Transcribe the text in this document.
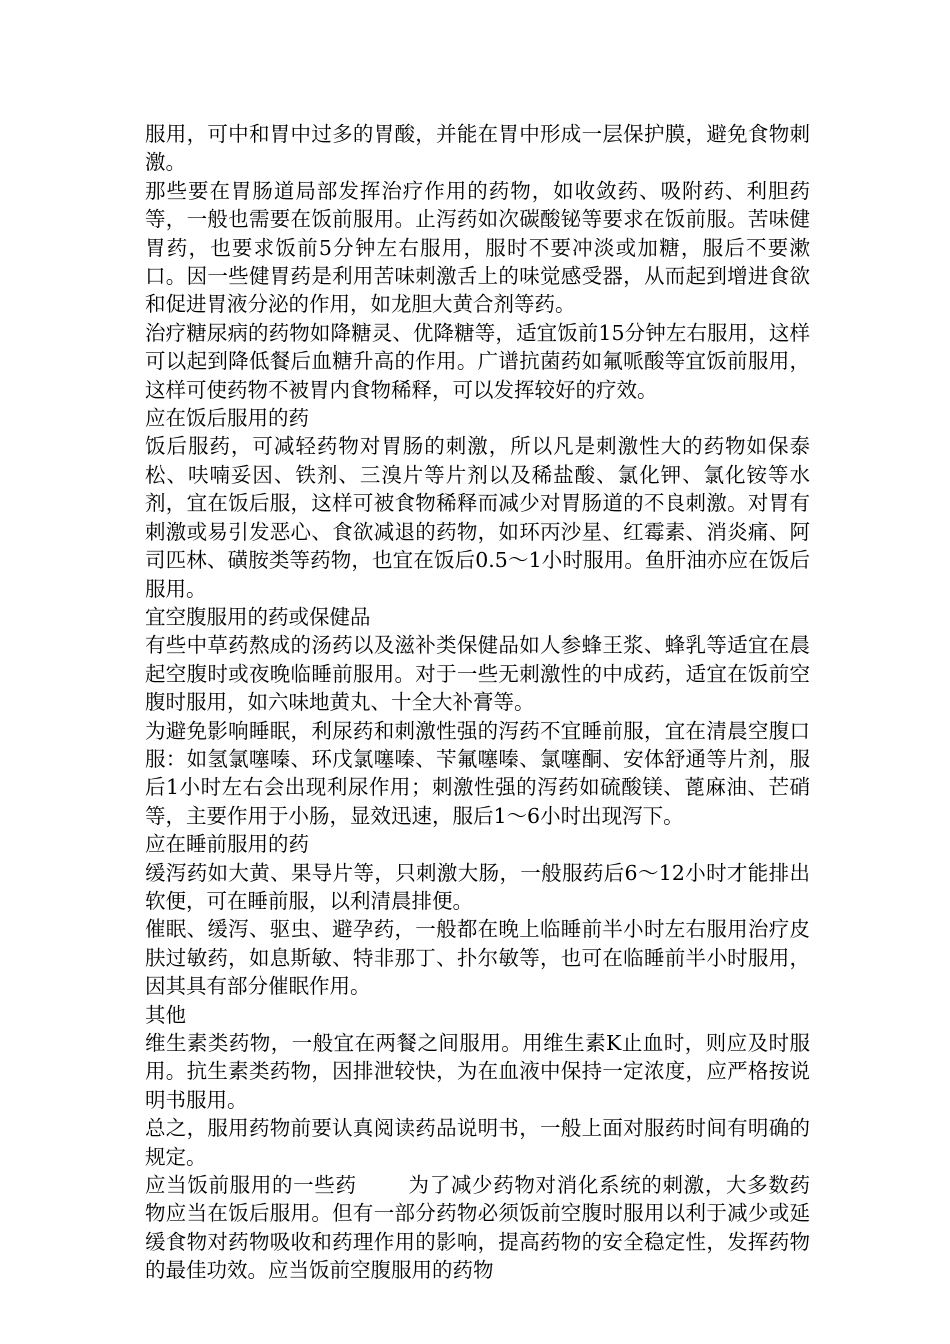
服用，可中和胃中过多的胃酸，并能在胃中形成一层保护膜，避免食物刺激。

那些要在胃肠道局部发挥治疗作用的药物，如收敛药、吸附药、利胆药等，一般也需要在饭前服用。止泻药如次碳酸铋等要求在饭前服。苦味健胃药，也要求饭前5分钟左右服用，服时不要冲淡或加糖，服后不要漱口。因一些健胃药是利用苦味刺激舌上的味觉感受器，从而起到增进食欲和促进胃液分泌的作用，如龙胆大黄合剂等药。

治疗糖尿病的药物如降糖灵、优降糖等，适宜饭前15分钟左右服用，这样可以起到降低餐后血糖升高的作用。广谱抗菌药如氟哌酸等宜饭前服用，这样可使药物不被胃内食物稀释，可以发挥较好的疗效。

应在饭后服用的药

饭后服药，可减轻药物对胃肠的刺激，所以凡是刺激性大的药物如保泰松、呋喃妥因、铁剂、三溴片等片剂以及稀盐酸、氯化钾、氯化铵等水剂，宜在饭后服，这样可被食物稀释而减少对胃肠道的不良刺激。对胃有刺激或易引发恶心、食欲减退的药物，如环丙沙星、红霉素、消炎痛、阿司匹林、磺胺类等药物，也宜在饭后0.5～1小时服用。鱼肝油亦应在饭后服用。

宜空腹服用的药或保健品

有些中草药熬成的汤药以及滋补类保健品如人参蜂王浆、蜂乳等适宜在晨起空腹时或夜晚临睡前服用。对于一些无刺激性的中成药，适宜在饭前空腹时服用，如六味地黄丸、十全大补膏等。

为避免影响睡眠，利尿药和刺激性强的泻药不宜睡前服，宜在清晨空腹口服：如氢氯噻嗪、环戊氯噻嗪、苄氟噻嗪、氯噻酮、安体舒通等片剂，服后1小时左右会出现利尿作用；刺激性强的泻药如硫酸镁、蓖麻油、芒硝等，主要作用于小肠，显效迅速，服后1～6小时出现泻下。

应在睡前服用的药

缓泻药如大黄、果导片等，只刺激大肠，一般服药后6～12小时才能排出软便，可在睡前服，以利清晨排便。

催眠、缓泻、驱虫、避孕药，一般都在晚上临睡前半小时左右服用治疗皮肤过敏药，如息斯敏、特非那丁、扑尔敏等，也可在临睡前半小时服用，因其具有部分催眠作用。

其他

维生素类药物，一般宜在两餐之间服用。用维生素K止血时，则应及时服用。抗生素类药物，因排泄较快，为在血液中保持一定浓度，应严格按说明书服用。

总之，服用药物前要认真阅读药品说明书，一般上面对服药时间有明确的规定。

应当饭前服用的一些药	为了减少药物对消化系统的刺激，大多数药物应当在饭后服用。但有一部分药物必须饭前空腹时服用以利于减少或延缓食物对药物吸收和药理作用的影响，提高药物的安全稳定性，发挥药物的最佳功效。应当饭前空腹服用的药物
